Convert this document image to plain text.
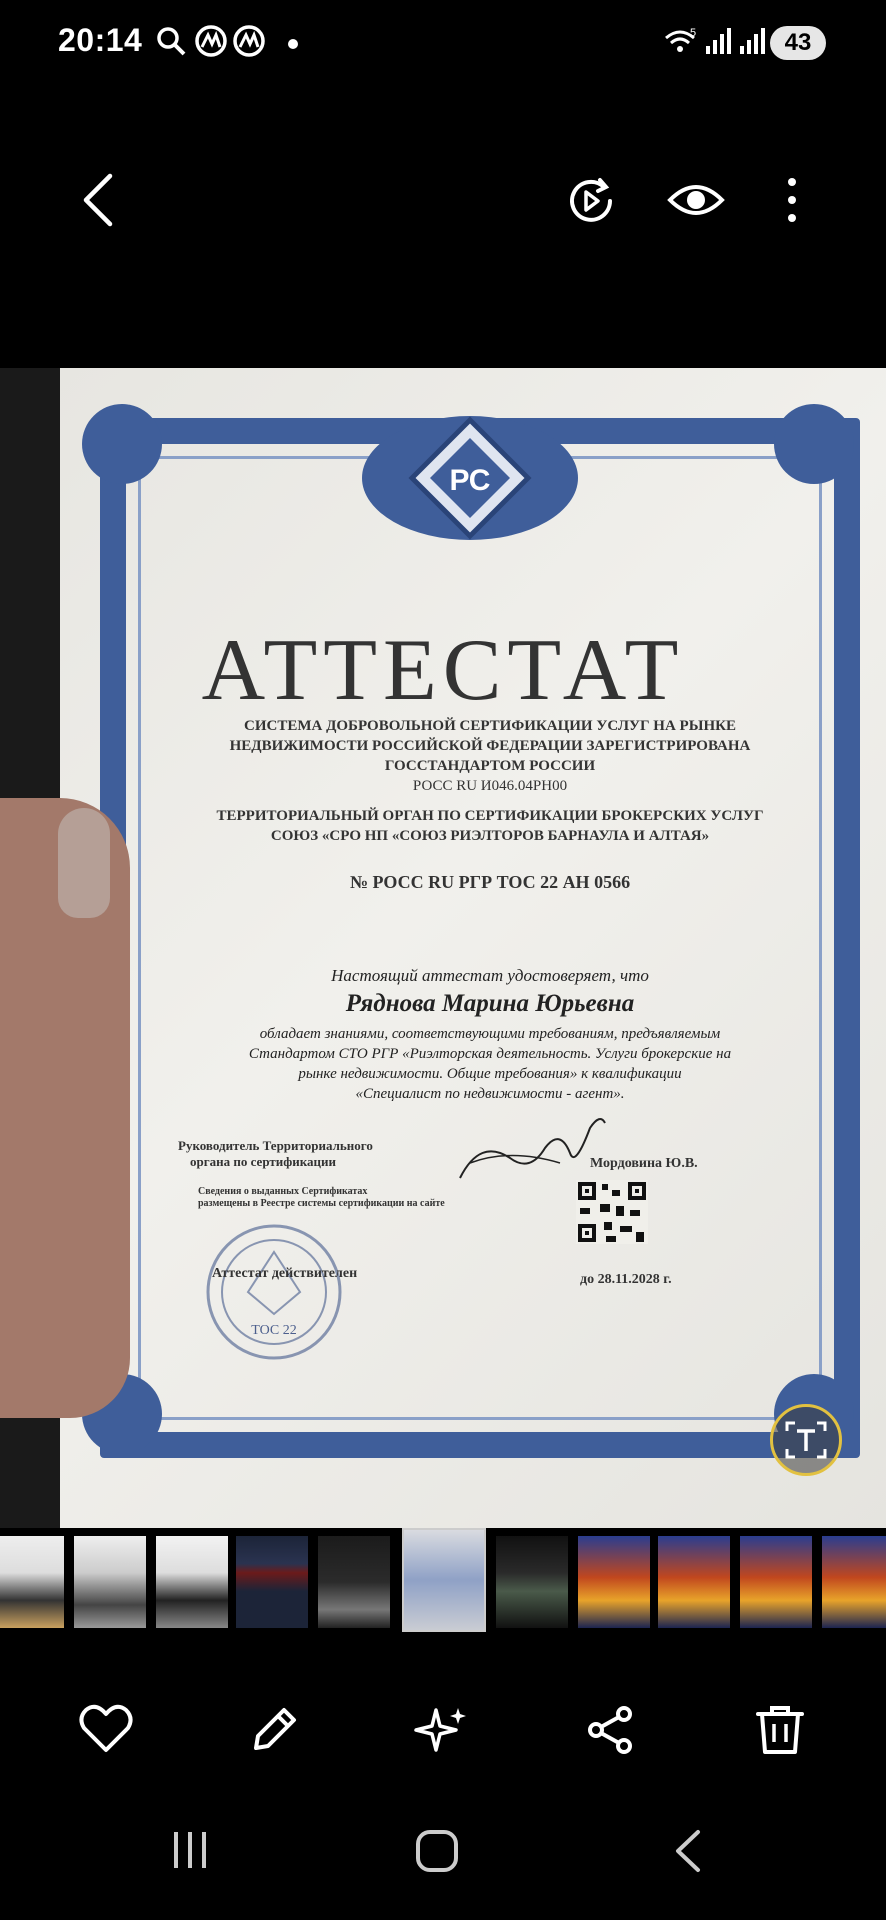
20:14	5	43
РС
АТТЕСТАТ
СИСТЕМА ДОБРОВОЛЬНОЙ СЕРТИФИКАЦИИ УСЛУГ НА РЫНКЕ
НЕДВИЖИМОСТИ РОССИЙСКОЙ ФЕДЕРАЦИИ ЗАРЕГИСТРИРОВАНА
ГОССТАНДАРТОМ РОССИИ
РОСС RU И046.04РН00
ТЕРРИТОРИАЛЬНЫЙ ОРГАН ПО СЕРТИФИКАЦИИ БРОКЕРСКИХ УСЛУГ
СОЮЗ «СРО НП «СОЮЗ РИЭЛТОРОВ БАРНАУЛА И АЛТАЯ»
№ РОСС RU РГР ТОС 22 АН 0566
Настоящий аттестат удостоверяет, что
Ряднова Марина Юрьевна
обладает знаниями, соответствующими требованиям, предъявляемым
Стандартом СТО РГР «Риэлторская деятельность. Услуги брокерские на
рынке недвижимости. Общие требования» к квалификации
«Специалист по недвижимости - агент».
Руководитель Территориального
органа по сертификации	Мордовина Ю.В.
Сведения о выданных Сертификатах
размещены в Реестре системы сертификации на сайте
ТОС 22
Аттестат действителен	до 28.11.2028 г.
